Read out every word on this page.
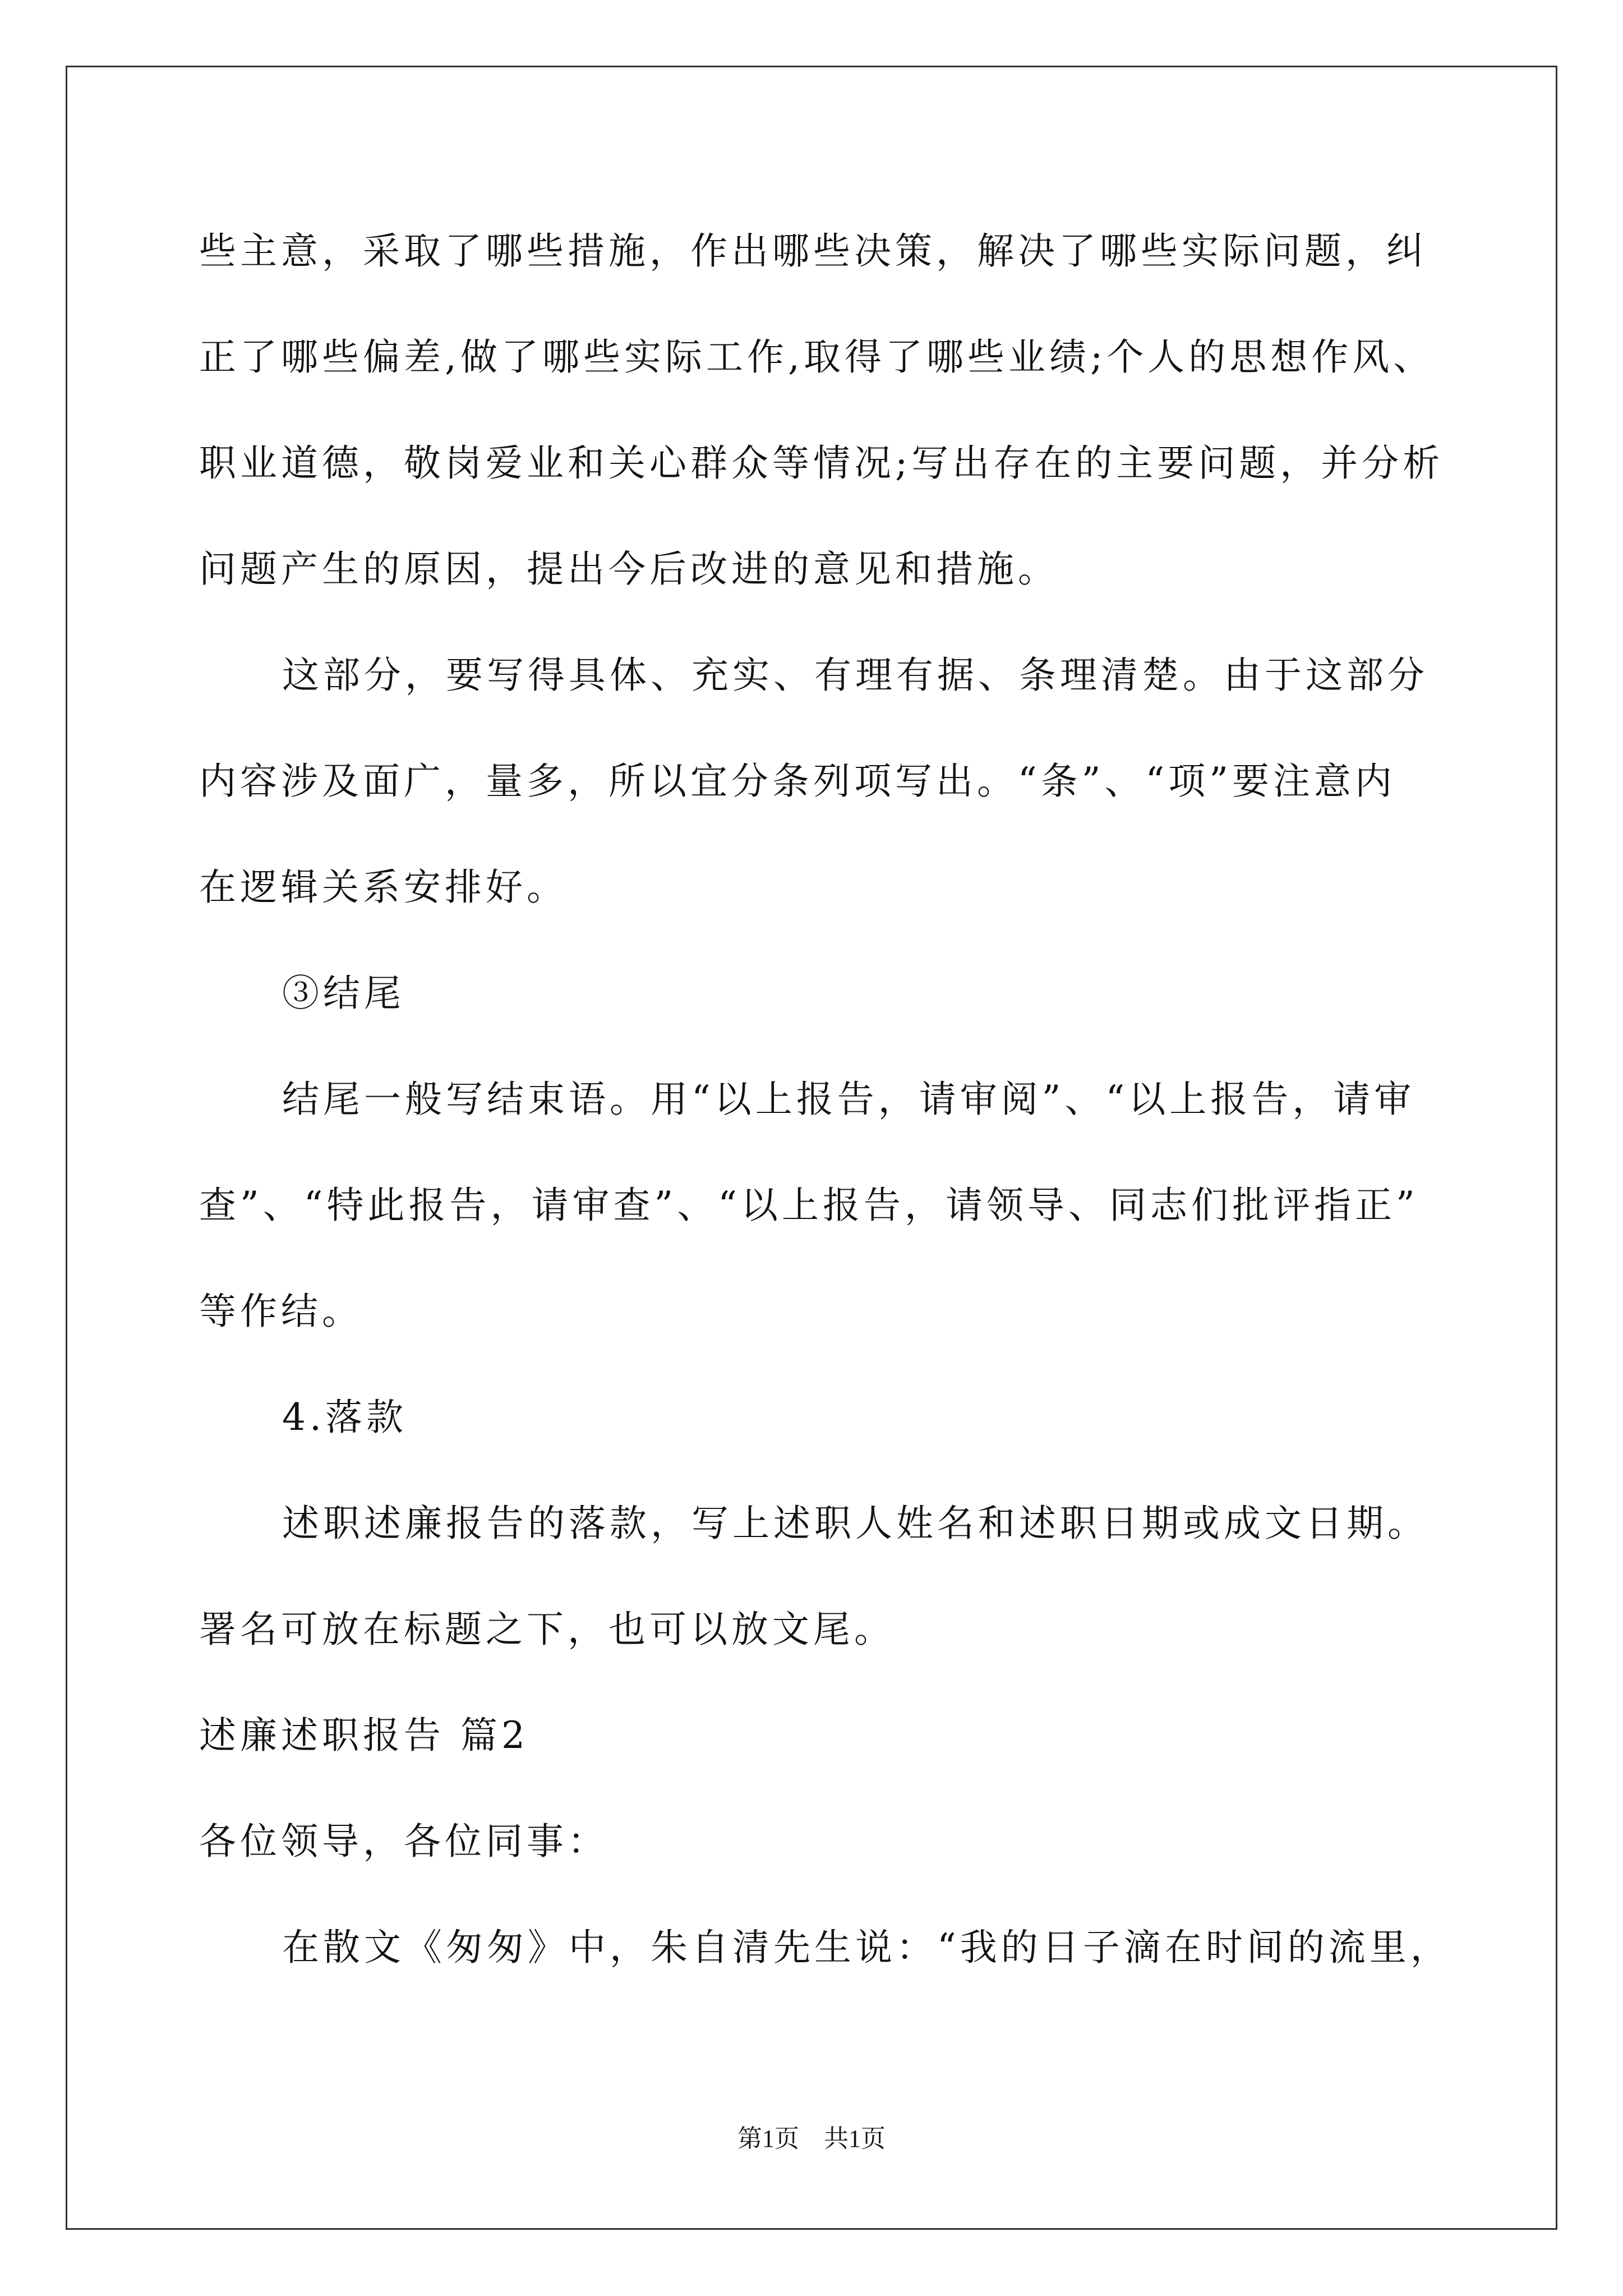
些主意，采取了哪些措施，作出哪些决策，解决了哪些实际问题，纠
正了哪些偏差,做了哪些实际工作,取得了哪些业绩;个人的思想作风、
职业道德，敬岗爱业和关心群众等情况;写出存在的主要问题，并分析
问题产生的原因，提出今后改进的意见和措施。
这部分，要写得具体、充实、有理有据、条理清楚。由于这部分
内容涉及面广，量多，所以宜分条列项写出。“条”、“项”要注意内
在逻辑关系安排好。
③结尾
结尾一般写结束语。用“以上报告，请审阅”、“以上报告，请审
查”、“特此报告，请审查”、“以上报告，请领导、同志们批评指正”
等作结。
4.落款
述职述廉报告的落款，写上述职人姓名和述职日期或成文日期。
署名可放在标题之下，也可以放文尾。
述廉述职报告 篇2
各位领导，各位同事：
在散文《匆匆》中，朱自清先生说：“我的日子滴在时间的流里，
第1页　共1页
